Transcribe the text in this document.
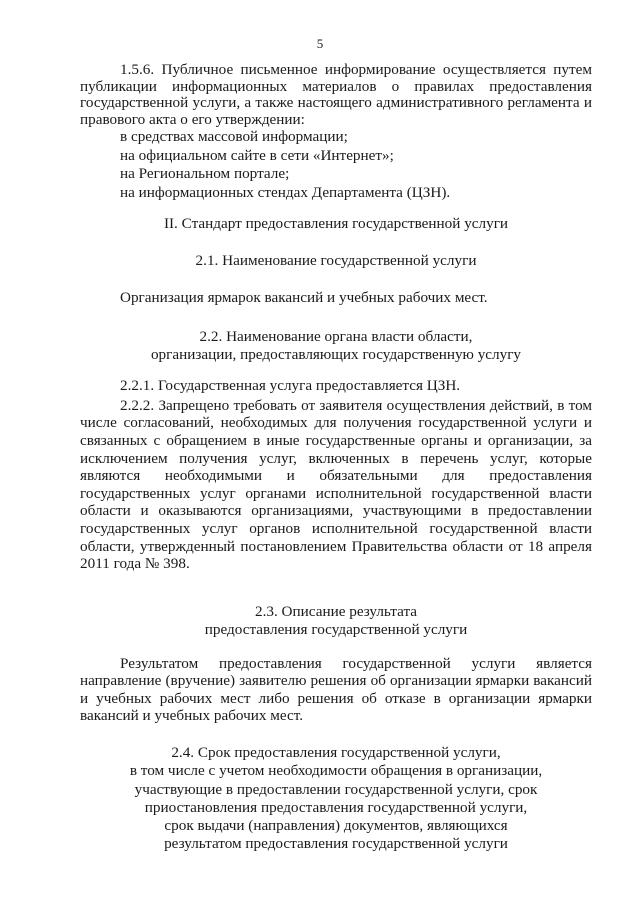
5

1.5.6. Публичное письменное информирование осуществляется путем публикации информационных материалов о правилах предоставления государственной услуги, а также настоящего административного регламента и правового акта о его утверждении:

в средствах массовой информации;
на официальном сайте в сети «Интернет»;
на Региональном портале;
на информационных стендах Департамента (ЦЗН).

II. Стандарт предоставления государственной услуги

2.1. Наименование государственной услуги

Организация ярмарок вакансий и учебных рабочих мест.

2.2. Наименование органа власти области,

организации, предоставляющих государственную услугу

2.2.1. Государственная услуга предоставляется ЦЗН.

2.2.2. Запрещено требовать от заявителя осуществления действий, в том числе согласований, необходимых для получения государственной услуги и связанных с обращением в иные государственные органы и организации, за исключением получения услуг, включенных в перечень услуг, которые являются необходимыми и обязательными для предоставления государственных услуг органами исполнительной государственной власти области и оказываются организациями, участвующими в предоставлении государственных услуг органов исполнительной государственной власти области, утвержденный постановлением Правительства области от 18 апреля 2011 года № 398.

2.3. Описание результата

предоставления государственной услуги

Результатом предоставления государственной услуги является направление (вручение) заявителю решения об организации ярмарки вакансий и учебных рабочих мест либо решения об отказе в организации ярмарки вакансий и учебных рабочих мест.

2.4. Срок предоставления государственной услуги,

в том числе с учетом необходимости обращения в организации,

участвующие в предоставлении государственной услуги, срок

приостановления предоставления государственной услуги,

срок выдачи (направления) документов, являющихся

результатом предоставления государственной услуги
